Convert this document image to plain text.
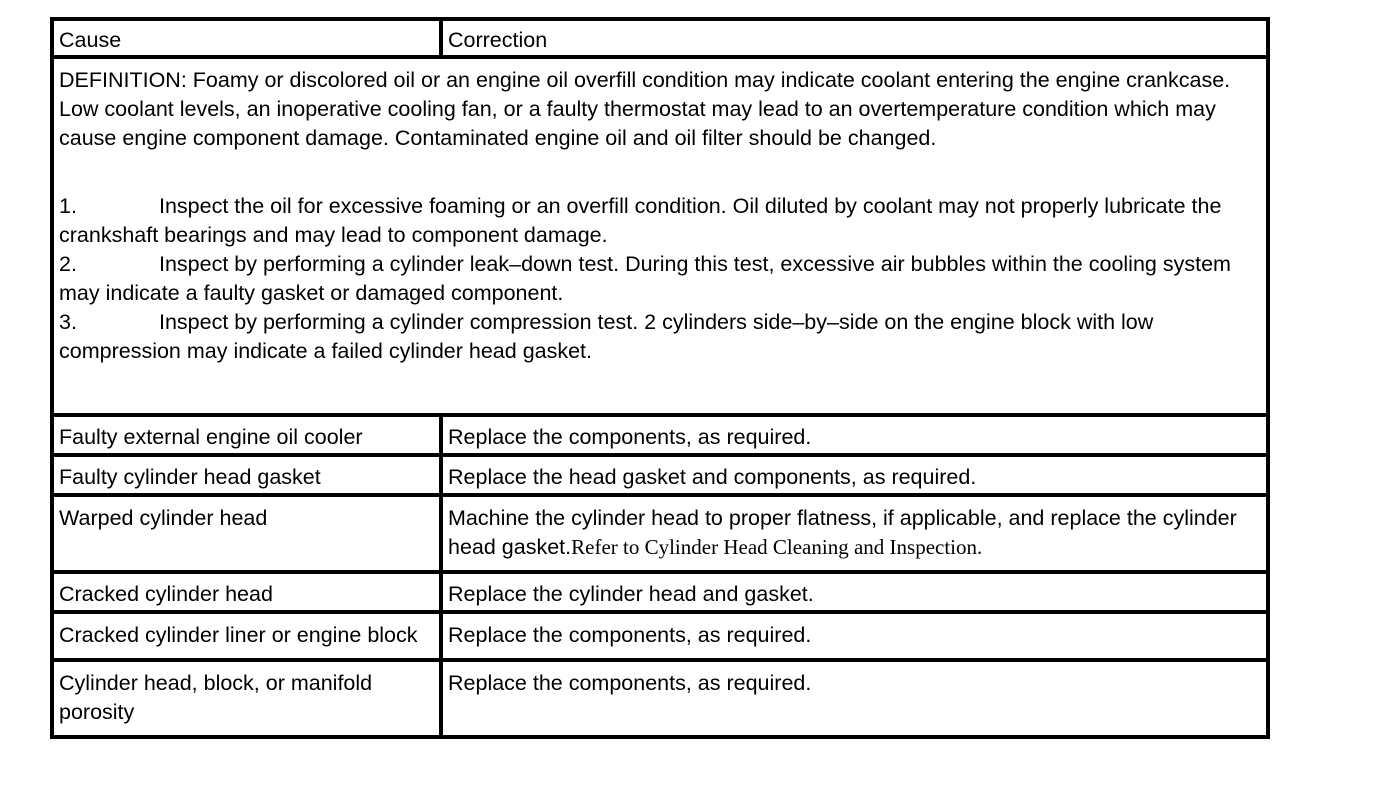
Cause	Correction

DEFINITION: Foamy or discolored oil or an engine oil overfill condition may indicate coolant entering the engine crankcase. Low coolant levels, an inoperative cooling fan, or a faulty thermostat may lead to an overtemperature condition which may cause engine component damage. Contaminated engine oil and oil filter should be changed.

1. Inspect the oil for excessive foaming or an overfill condition. Oil diluted by coolant may not properly lubricate the crankshaft bearings and may lead to component damage.

2. Inspect by performing a cylinder leak–down test. During this test, excessive air bubbles within the cooling system may indicate a faulty gasket or damaged component.

3. Inspect by performing a cylinder compression test. 2 cylinders side–by–side on the engine block with low compression may indicate a failed cylinder head gasket.	

Faulty external engine oil cooler	Replace the components, as required.
Faulty cylinder head gasket	Replace the head gasket and components, as required.
Warped cylinder head	Machine the cylinder head to proper flatness, if applicable, and replace the cylinder head gasket.Refer to Cylinder Head Cleaning and Inspection.
Cracked cylinder head	Replace the cylinder head and gasket.
Cracked cylinder liner or engine block	Replace the components, as required.
Cylinder head, block, or manifold porosity	Replace the components, as required.
